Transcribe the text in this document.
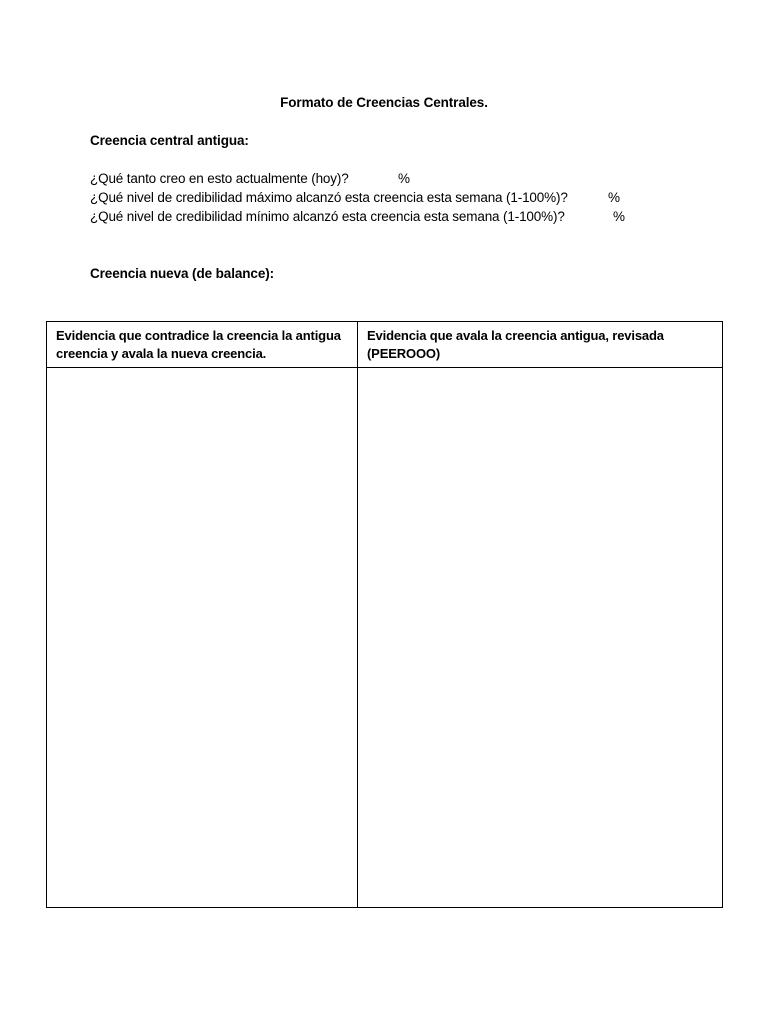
Formato de Creencias Centrales.
Creencia central antigua:
¿Qué tanto creo en esto actualmente (hoy)?	%
¿Qué nivel de credibilidad máximo alcanzó esta creencia esta semana (1-100%)?	%
¿Qué nivel de credibilidad mínimo alcanzó esta creencia esta semana (1-100%)?	%
Creencia nueva (de balance):
Evidencia que contradice la creencia la antigua creencia y avala la nueva creencia.	Evidencia que avala la creencia antigua, revisada (PEEROOO)
